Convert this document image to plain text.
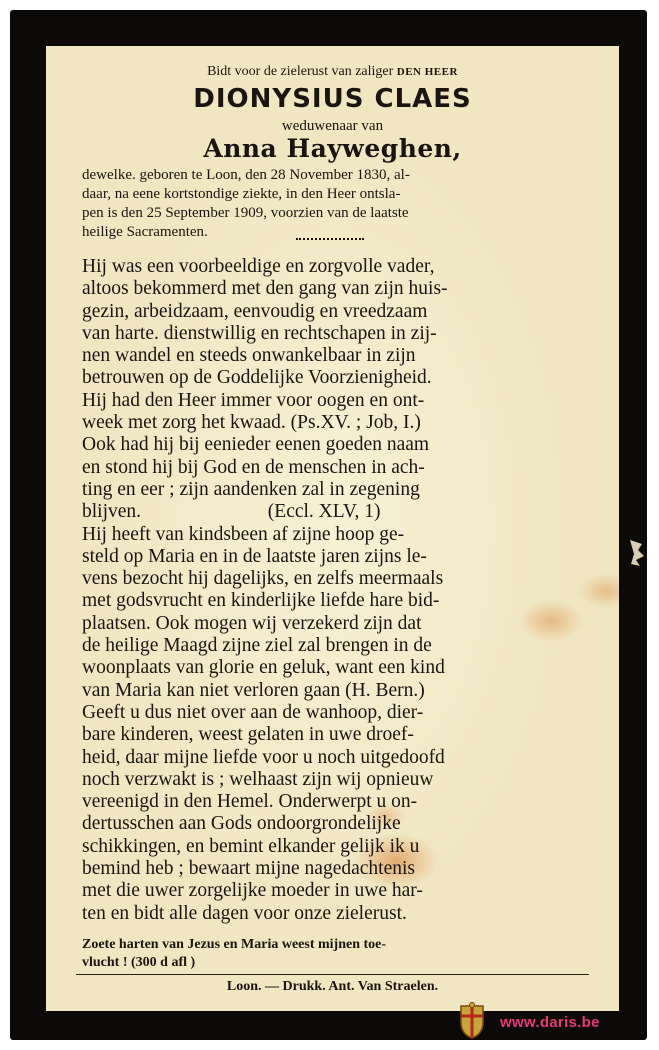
Bidt voor de zielerust van zaliger DEN HEER
DIONYSIUS CLAES
weduwenaar van
Anna Hayweghen,
dewelke. geboren te Loon, den 28 November 1830, al-
daar, na eene kortstondige ziekte, in den Heer ontsla-
pen is den 25 September 1909, voorzien van de laatste
heilige Sacramenten.
Hij was een voorbeeldige en zorgvolle vader,
altoos bekommerd met den gang van zijn huis-
gezin, arbeidzaam, eenvoudig en vreedzaam
van harte. dienstwillig en rechtschapen in zij-
nen wandel en steeds onwankelbaar in zijn
betrouwen op de Goddelijke Voorzienigheid.
Hij had den Heer immer voor oogen en ont-
week met zorg het kwaad. (Ps.XV. ; Job, I.)
Ook had hij bij eenieder eenen goeden naam
en stond hij bij God en de menschen in ach-
ting en eer ; zijn aandenken zal in zegening
blijven.                          (Eccl. XLV, 1)
Hij heeft van kindsbeen af zijne hoop ge-
steld op Maria en in de laatste jaren zijns le-
vens bezocht hij dagelijks, en zelfs meermaals
met godsvrucht en kinderlijke liefde hare bid-
plaatsen. Ook mogen wij verzekerd zijn dat
de heilige Maagd zijne ziel zal brengen in de
woonplaats van glorie en geluk, want een kind
van Maria kan niet verloren gaan (H. Bern.)
Geeft u dus niet over aan de wanhoop, dier-
bare kinderen, weest gelaten in uwe droef-
heid, daar mijne liefde voor u noch uitgedoofd
noch verzwakt is ; welhaast zijn wij opnieuw
vereenigd in den Hemel. Onderwerpt u on-
dertusschen aan Gods ondoorgrondelijke
schikkingen, en bemint elkander gelijk ik u
bemind heb ; bewaart mijne nagedachtenis
met die uwer zorgelijke moeder in uwe har-
ten en bidt alle dagen voor onze zielerust.
Zoete harten van Jezus en Maria weest mijnen toe-
vlucht ! (300 d afl )
Loon. — Drukk. Ant. Van Straelen.
www.daris.be
